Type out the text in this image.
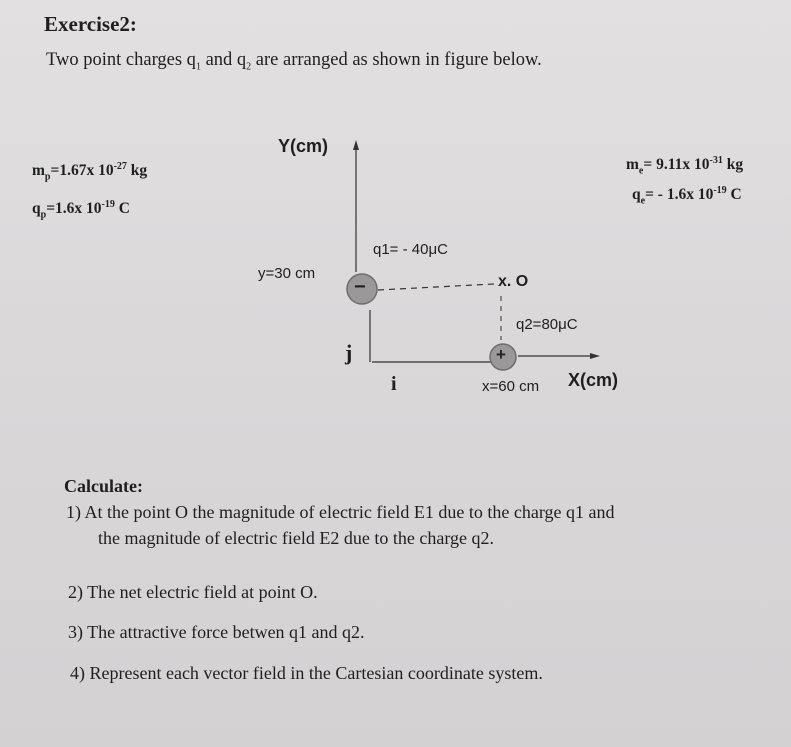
Exercise2:
Two point charges $q_1$ and $q_2$ are arranged as shown in figure below.
$m_p=1.67x$ $10^{-27}$ kg
$q_p=1.6x$ $10^{-19}$ C
$m_e= 9.11x$ $10^{-31}$ kg
$q_e= - 1.6x$ $10^{-19}$ C
−
+
Y(cm)
X(cm)
y=30 cm
x=60 cm
q1= - 40μC
q2=80μC
x. O
j
i
Calculate:
1) At the point O the magnitude of electric field E1 due to the charge q1 and
the magnitude of electric field E2 due to the charge q2.
2) The net electric field at point O.
3) The attractive force betwen q1 and q2.
4) Represent each vector field in the Cartesian coordinate system.
